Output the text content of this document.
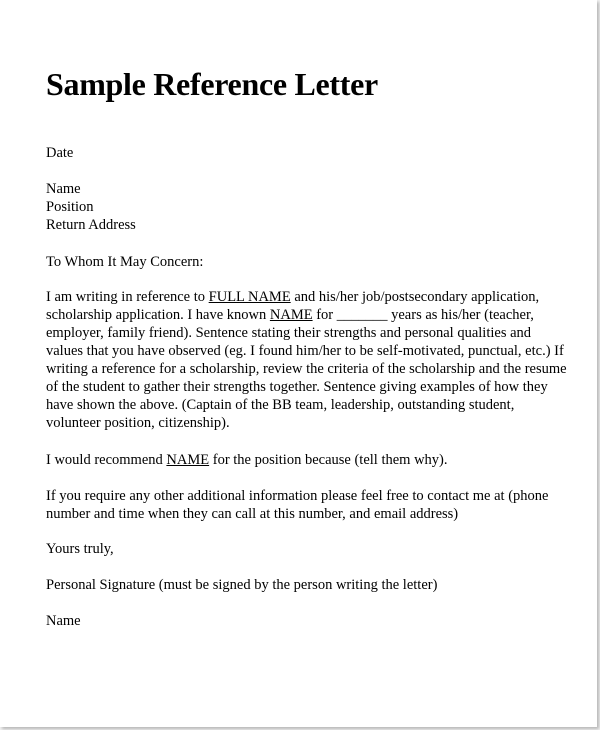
Sample Reference Letter

Date

Name

Position

Return Address

To Whom It May Concern:

I am writing in reference to FULL NAME and his/her job/postsecondary application,

scholarship application. I have known NAME for _______ years as his/her (teacher,

employer, family friend). Sentence stating their strengths and personal qualities and

values that you have observed (eg. I found him/her to be self-motivated, punctual, etc.) If

writing a reference for a scholarship, review the criteria of the scholarship and the resume

of the student to gather their strengths together. Sentence giving examples of how they

have shown the above. (Captain of the BB team, leadership, outstanding student,

volunteer position, citizenship).

I would recommend NAME for the position because (tell them why).

If you require any other additional information please feel free to contact me at (phone

number and time when they can call at this number, and email address)

Yours truly,

Personal Signature (must be signed by the person writing the letter)

Name
